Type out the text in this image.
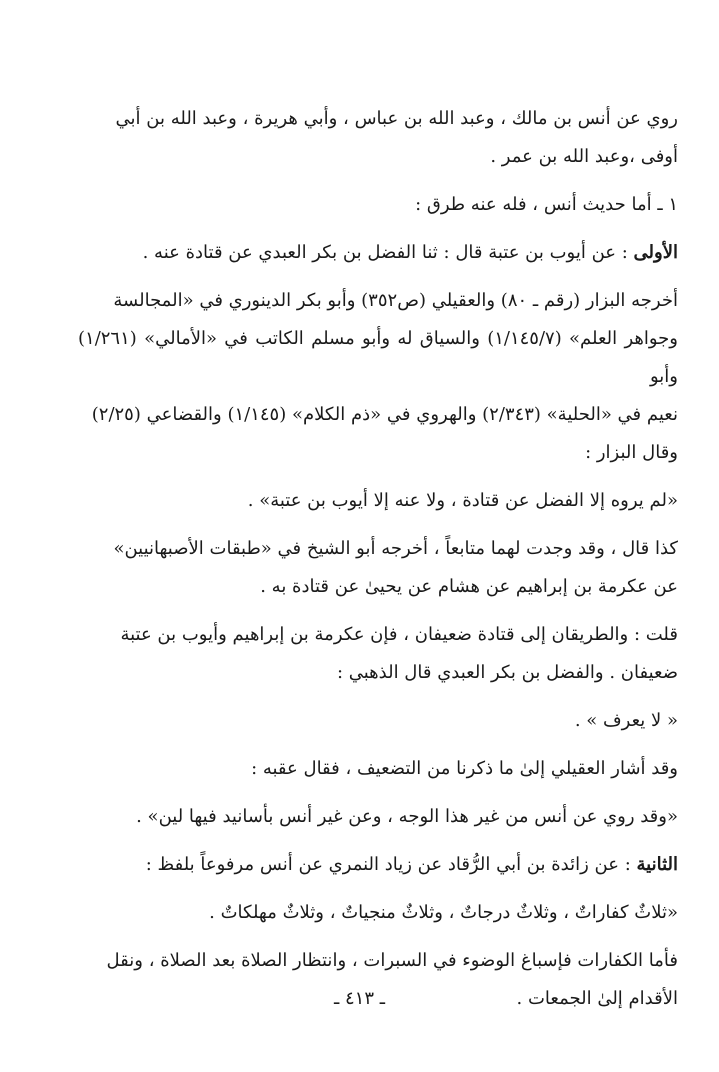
روي عن أنس بن مالك ، وعبد الله بن عباس ، وأبي هريرة ، وعبد الله بن أبي

أوفى ،وعبد الله بن عمر .

١ ـ أما حديث أنس ، فله عنه طرق :

الأولى : عن أيوب بن عتبة قال : ثنا الفضل بن بكر العبدي عن قتادة عنه .

أخرجه البزار (رقم ـ ٨٠) والعقيلي (ص٣٥٢) وأبو بكر الدينوري في «المجالسة

وجواهر العلم» (١/١٤٥/٧) والسياق له وأبو مسلم الكاتب في «الأمالي» (١/٢٦١) وأبو

نعيم في «الحلية» (٢/٣٤٣) والهروي في «ذم الكلام» (١/١٤٥) والقضاعي (٢/٢٥)

وقال البزار :

«لم يروه إلا الفضل عن قتادة ، ولا عنه إلا أيوب بن عتبة» .

كذا قال ، وقد وجدت لهما متابعاً ، أخرجه أبو الشيخ في «طبقات الأصبهانيين»

عن عكرمة بن إبراهيم عن هشام عن يحيىٰ عن قتادة به .

قلت : والطريقان إلى قتادة ضعيفان ، فإن عكرمة بن إبراهيم وأيوب بن عتبة

ضعيفان . والفضل بن بكر العبدي قال الذهبي :

« لا يعرف » .

وقد أشار العقيلي إلىٰ ما ذكرنا من التضعيف ، فقال عقبه :

«وقد روي عن أنس من غير هذا الوجه ، وعن غير أنس بأسانيد فيها لين» .

الثانية : عن زائدة بن أبي الرُّقاد عن زياد النمري عن أنس مرفوعاً بلفظ :

«ثلاثٌ كفاراتٌ ، وثلاثٌ درجاتٌ ، وثلاثٌ منجياتٌ ، وثلاثٌ مهلكاتٌ .

فأما الكفارات فإسباغ الوضوء في السبرات ، وانتظار الصلاة بعد الصلاة ، ونقل

الأقدام إلىٰ الجمعات .

ـ ٤١٣ ـ
